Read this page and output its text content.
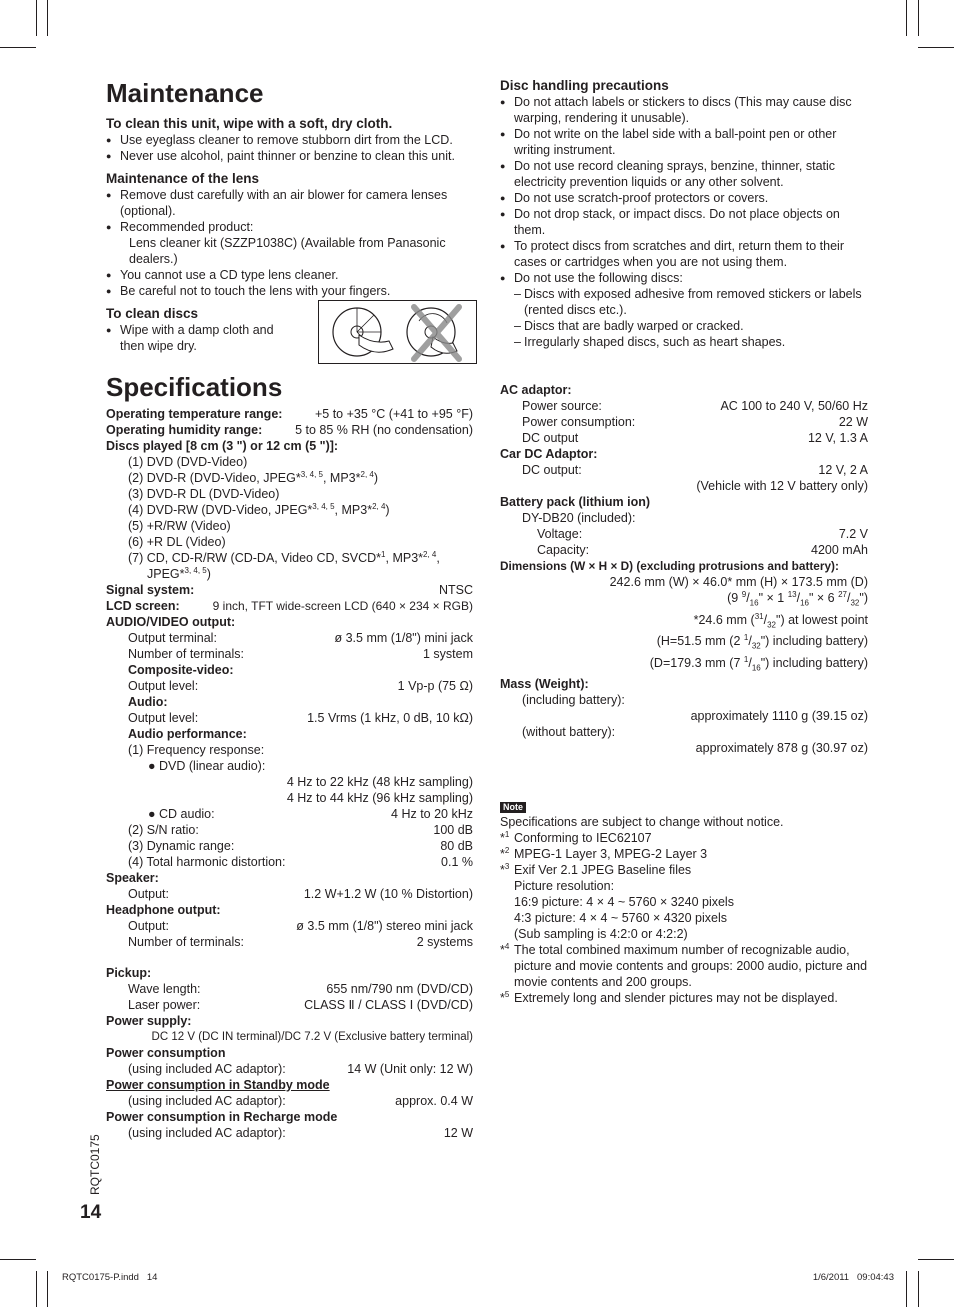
Maintenance
To clean this unit, wipe with a soft, dry cloth.
● Use eyeglass cleaner to remove stubborn dirt from the LCD.
● Never use alcohol, paint thinner or benzine to clean this unit.
Maintenance of the lens
● Remove dust carefully with an air blower for camera lenses (optional).
● Recommended product:
Lens cleaner kit (SZZP1038C) (Available from Panasonic dealers.)
● You cannot use a CD type lens cleaner.
● Be careful not to touch the lens with your fingers.
To clean discs
● Wipe with a damp cloth and then wipe dry.
Specifications
Operating temperature range:	+5 to +35 °C (+41 to +95 °F)
Operating humidity range:	5 to 85 % RH (no condensation)
Discs played [8 cm (3 ") or 12 cm (5 ")]:
(1) DVD (DVD-Video)
(2) DVD-R (DVD-Video, JPEG*$^{3, 4, 5}$, MP3*$^{2, 4}$)
(3) DVD-R DL (DVD-Video)
(4) DVD-RW (DVD-Video, JPEG*$^{3, 4, 5}$, MP3*$^{2, 4}$)
(5) +R/RW (Video)
(6) +R DL (Video)
(7) CD, CD-R/RW (CD-DA, Video CD, SVCD*$^1$, MP3*$^{2, 4}$,
JPEG*$^{3, 4, 5}$)
Signal system:	NTSC
LCD screen:	9 inch, TFT wide-screen LCD (640 × 234 × RGB)
AUDIO/VIDEO output:
Output terminal:	ø 3.5 mm (1/8") mini jack
Number of terminals:	1 system
Composite-video:
Output level:	1 Vp-p (75 Ω)
Audio:
Output level:	1.5 Vrms (1 kHz, 0 dB, 10 kΩ)
Audio performance:
(1) Frequency response:
● DVD (linear audio):
4 Hz to 22 kHz (48 kHz sampling)
4 Hz to 44 kHz (96 kHz sampling)
● CD audio:	4 Hz to 20 kHz
(2) S/N ratio:	100 dB
(3) Dynamic range:	80 dB
(4) Total harmonic distortion:	0.1 %
Speaker:
Output:	1.2 W+1.2 W (10 % Distortion)
Headphone output:
Output:	ø 3.5 mm (1/8") stereo mini jack
Number of terminals:	2 systems
Pickup:
Wave length:	655 nm/790 nm (DVD/CD)
Laser power:	CLASS Ⅱ / CLASS Ⅰ (DVD/CD)
Power supply:
DC 12 V (DC IN terminal)/DC 7.2 V (Exclusive battery terminal)
Power consumption
(using included AC adaptor):	14 W (Unit only: 12 W)
Power consumption in Standby mode
(using included AC adaptor):	approx. 0.4 W
Power consumption in Recharge mode
(using included AC adaptor):	12 W
Disc handling precautions
● Do not attach labels or stickers to discs (This may cause disc warping, rendering it unusable).
● Do not write on the label side with a ball-point pen or other writing instrument.
● Do not use record cleaning sprays, benzine, thinner, static electricity prevention liquids or any other solvent.
● Do not use scratch-proof protectors or covers.
● Do not drop stack, or impact discs. Do not place objects on them.
● To protect discs from scratches and dirt, return them to their cases or cartridges when you are not using them.
● Do not use the following discs:
– Discs with exposed adhesive from removed stickers or labels (rented discs etc.).
– Discs that are badly warped or cracked.
– Irregularly shaped discs, such as heart shapes.
AC adaptor:
Power source:	AC 100 to 240 V, 50/60 Hz
Power consumption:	22 W
DC output	12 V, 1.3 A
Car DC Adaptor:
DC output:	12 V, 2 A
(Vehicle with 12 V battery only)
Battery pack (lithium ion)
DY-DB20 (included):
Voltage:	7.2 V
Capacity:	4200 mAh
Dimensions (W × H × D) (excluding protrusions and battery):
242.6 mm (W) × 46.0* mm (H) × 173.5 mm (D)
(9 $^9/_{16}$" × 1 $^{13}/_{16}$" × 6 $^{27}/_{32}$")
*24.6 mm $(^{31}/_{32}")$ at lowest point
(H=51.5 mm (2 $^1/_{32}$") including battery)
(D=179.3 mm (7 $^1/_{16}$") including battery)
Mass (Weight):
(including battery):
approximately 1110 g (39.15 oz)
(without battery):
approximately 878 g (30.97 oz)
Note
Specifications are subject to change without notice.
*$^1$ Conforming to IEC62107
*$^2$ MPEG-1 Layer 3, MPEG-2 Layer 3
*$^3$ Exif Ver 2.1 JPEG Baseline files
Picture resolution:
16:9 picture: 4 × 4 ~ 5760 × 3240 pixels
4:3 picture: 4 × 4 ~ 5760 × 4320 pixels
(Sub sampling is 4:2:0 or 4:2:2)
*$^4$ The total combined maximum number of recognizable audio, picture and movie contents and groups: 2000 audio, picture and movie contents and 200 groups.
*$^5$ Extremely long and slender pictures may not be displayed.
RQTC0175
14
RQTC0175-P.indd   14	1/6/2011   09:04:43
